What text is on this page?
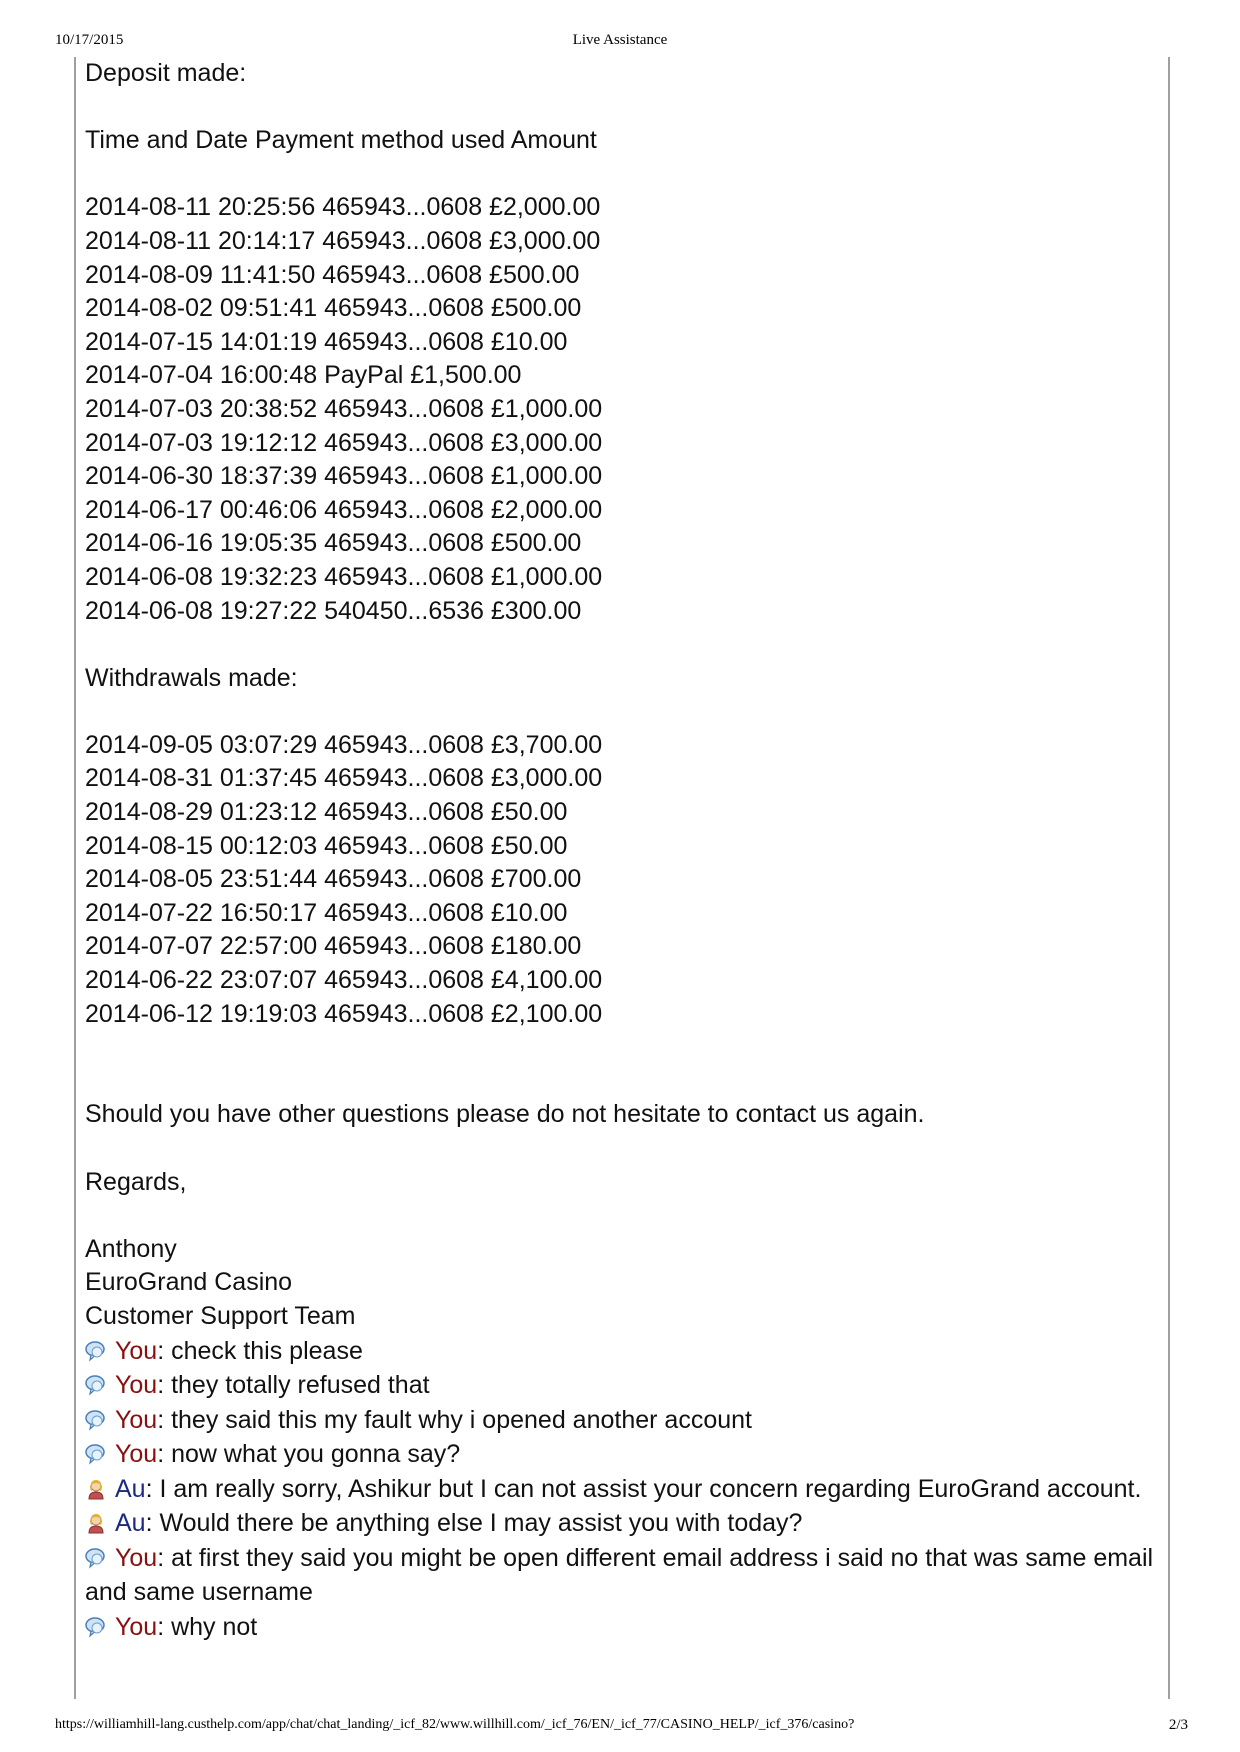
10/17/2015	Live Assistance
Deposit made:
Time and Date Payment method used Amount
2014-08-11 20:25:56 465943...0608 £2,000.00
2014-08-11 20:14:17 465943...0608 £3,000.00
2014-08-09 11:41:50 465943...0608 £500.00
2014-08-02 09:51:41 465943...0608 £500.00
2014-07-15 14:01:19 465943...0608 £10.00
2014-07-04 16:00:48 PayPal £1,500.00
2014-07-03 20:38:52 465943...0608 £1,000.00
2014-07-03 19:12:12 465943...0608 £3,000.00
2014-06-30 18:37:39 465943...0608 £1,000.00
2014-06-17 00:46:06 465943...0608 £2,000.00
2014-06-16 19:05:35 465943...0608 £500.00
2014-06-08 19:32:23 465943...0608 £1,000.00
2014-06-08 19:27:22 540450...6536 £300.00
Withdrawals made:
2014-09-05 03:07:29 465943...0608 £3,700.00
2014-08-31 01:37:45 465943...0608 £3,000.00
2014-08-29 01:23:12 465943...0608 £50.00
2014-08-15 00:12:03 465943...0608 £50.00
2014-08-05 23:51:44 465943...0608 £700.00
2014-07-22 16:50:17 465943...0608 £10.00
2014-07-07 22:57:00 465943...0608 £180.00
2014-06-22 23:07:07 465943...0608 £4,100.00
2014-06-12 19:19:03 465943...0608 £2,100.00
Should you have other questions please do not hesitate to contact us again.
Regards,
Anthony
EuroGrand Casino
Customer Support Team
You: check this please
You: they totally refused that
You: they said this my fault why i opened another account
You: now what you gonna say?
Au: I am really sorry, Ashikur but I can not assist your concern regarding EuroGrand account.
Au: Would there be anything else I may assist you with today?
You: at first they said you might be open different email address i said no that was same email and same username
You: why not
https://williamhill-lang.custhelp.com/app/chat/chat_landing/_icf_82/www.willhill.com/_icf_76/EN/_icf_77/CASINO_HELP/_icf_376/casino?	2/3
